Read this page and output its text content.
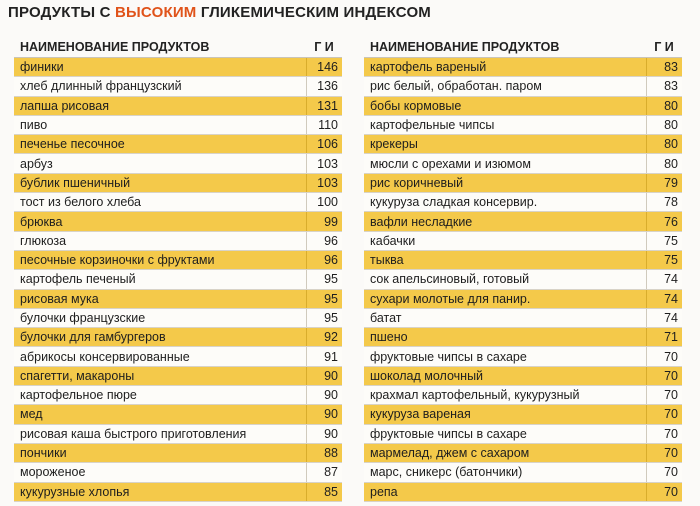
ПРОДУКТЫ С ВЫСОКИМ ГЛИКЕМИЧЕСКИМ ИНДЕКСОМ
НАИМЕНОВАНИЕ ПРОДУКТОВ	Г И
финики	146
хлеб длинный французский	136
лапша рисовая	131
пиво	110
печенье песочное	106
арбуз	103
бублик пшеничный	103
тост из белого хлеба	100
брюква	99
глюкоза	96
песочные корзиночки с фруктами	96
картофель печеный	95
рисовая мука	95
булочки французские	95
булочки для гамбургеров	92
абрикосы консервированные	91
спагетти, макароны	90
картофельное пюре	90
мед	90
рисовая каша быстрого приготовления	90
пончики	88
мороженое	87
кукурузные хлопья	85
НАИМЕНОВАНИЕ ПРОДУКТОВ	Г И
картофель вареный	83
рис белый, обработан. паром	83
бобы кормовые	80
картофельные чипсы	80
крекеры	80
мюсли с орехами и изюмом	80
рис коричневый	79
кукуруза сладкая консервир.	78
вафли несладкие	76
кабачки	75
тыква	75
сок апельсиновый, готовый	74
сухари молотые для панир.	74
батат	74
пшено	71
фруктовые чипсы в сахаре	70
шоколад молочный	70
крахмал картофельный, кукурузный	70
кукуруза вареная	70
фруктовые чипсы в сахаре	70
мармелад, джем с сахаром	70
марс, сникерс (батончики)	70
репа	70
